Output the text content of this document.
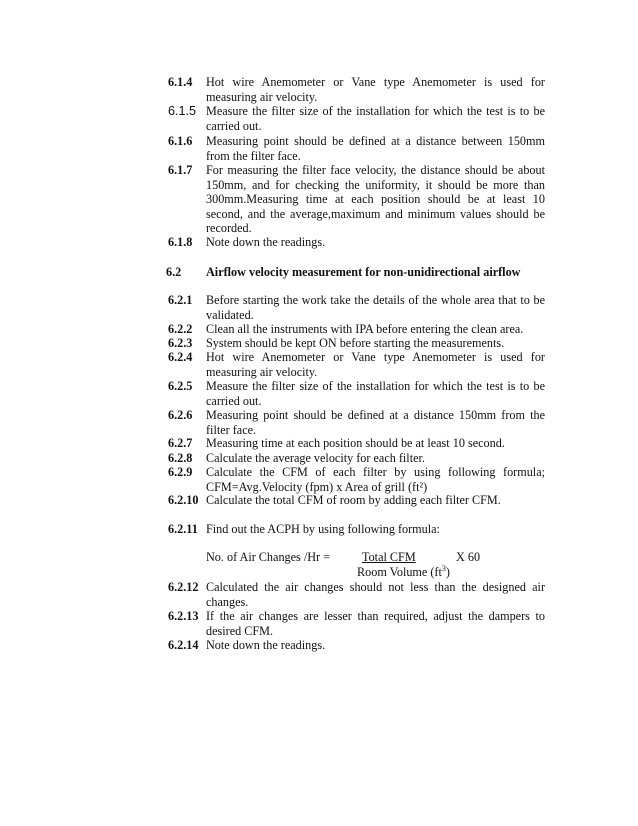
6.1.4	Hot wire Anemometer or Vane type Anemometer is used for measuring air velocity.
6.1.5 Measure the filter size of the installation for which the test is to be carried out.
6.1.6	Measuring point should be defined at a distance between 150mm from the filter face.
6.1.7	For measuring the filter face velocity, the distance should be about 150mm, and for checking the uniformity, it should be more than 300mm.Measuring time at each position should be at least 10 second, and the average,maximum and minimum values should be recorded.
6.1.8	Note down the readings.
6.2	Airflow velocity measurement for non-unidirectional airflow
6.2.1	Before starting the work take the details of the whole area that to be validated.
6.2.2	Clean all the instruments with IPA before entering the clean area.
6.2.3	System should be kept ON before starting the measurements.
6.2.4	Hot wire Anemometer or Vane type Anemometer is used for measuring air velocity.
6.2.5	Measure the filter size of the installation for which the test is to be carried out.
6.2.6	Measuring point should be defined at a distance 150mm from the filter face.
6.2.7	Measuring time at each position should be at least 10 second.
6.2.8	Calculate the average velocity for each filter.
6.2.9	Calculate the CFM of each filter by using following formula; CFM=Avg.Velocity (fpm) x Area of grill (ft²)
6.2.10 Calculate the total CFM of room by adding each filter CFM.
6.2.11 Find out the ACPH by using following formula:
No. of Air Changes /Hr =	Total CFM	X 60
Room Volume $(ft^3)$
6.2.12 Calculated the air changes should not less than the designed air changes.
6.2.13 If the air changes are lesser than required, adjust the dampers to desired CFM.
6.2.14 Note down the readings.
